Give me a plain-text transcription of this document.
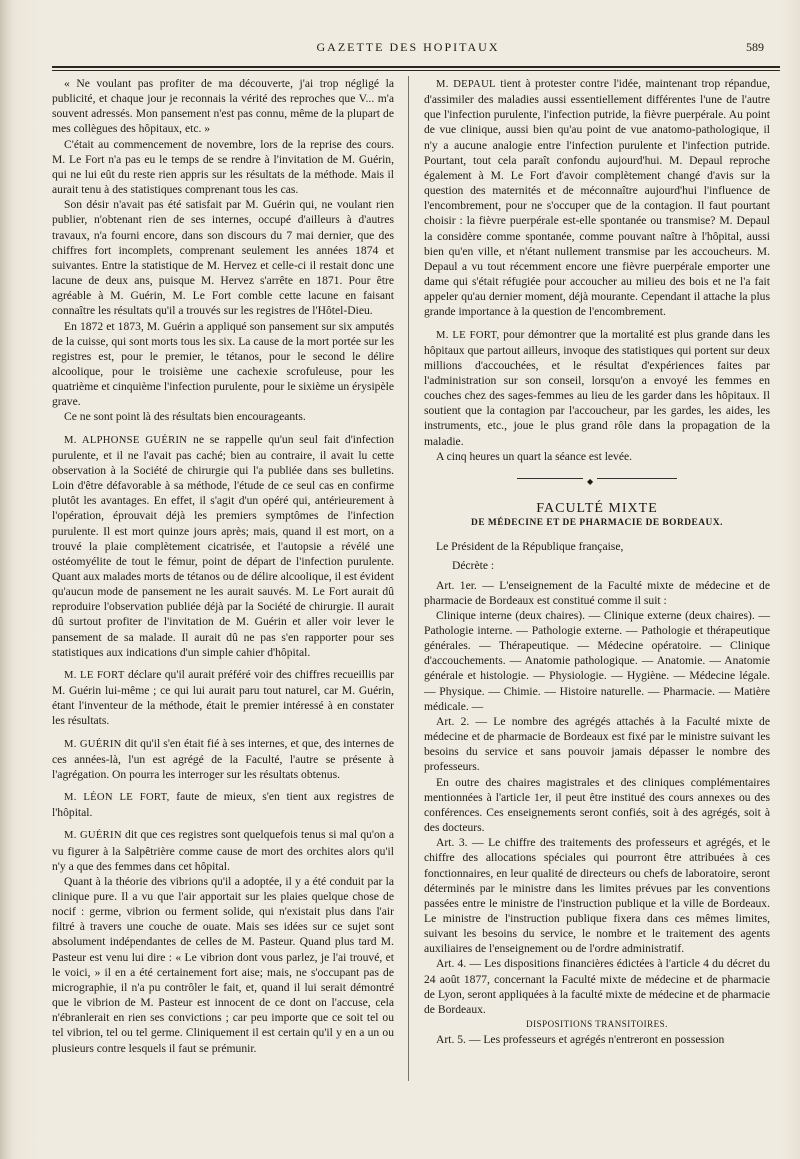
GAZETTE DES HOPITAUX	589

« Ne voulant pas profiter de ma découverte, j'ai trop négligé la publicité, et chaque jour je reconnais la vérité des reproches que V... m'a souvent adressés. Mon pansement n'est pas connu, même de la plupart de mes collègues des hôpitaux, etc. »

C'était au commencement de novembre, lors de la reprise des cours. M. Le Fort n'a pas eu le temps de se rendre à l'invitation de M. Guérin, qui ne lui eût du reste rien appris sur les résultats de la méthode. Mais il aurait tenu à des statistiques comprenant tous les cas.

Son désir n'avait pas été satisfait par M. Guérin qui, ne voulant rien publier, n'obtenant rien de ses internes, occupé d'ailleurs à d'autres travaux, n'a fourni encore, dans son discours du 7 mai dernier, que des chiffres fort incomplets, comprenant seulement les années 1874 et suivantes. Entre la statistique de M. Hervez et celle-ci il restait donc une lacune de deux ans, puisque M. Hervez s'arrête en 1871. Pour être agréable à M. Guérin, M. Le Fort comble cette lacune en faisant connaître les résultats qu'il a trouvés sur les registres de l'Hôtel-Dieu.

En 1872 et 1873, M. Guérin a appliqué son pansement sur six amputés de la cuisse, qui sont morts tous les six. La cause de la mort portée sur les registres est, pour le premier, le tétanos, pour le second le délire alcoolique, pour le troisième une cachexie scrofuleuse, pour les quatrième et cinquième l'infection purulente, pour le sixième un érysipèle grave.

Ce ne sont point là des résultats bien encourageants.

M. ALPHONSE GUÉRIN ne se rappelle qu'un seul fait d'infection purulente, et il ne l'avait pas caché; bien au contraire, il avait lu cette observation à la Société de chirurgie qui l'a publiée dans ses bulletins. Loin d'être défavorable à sa méthode, l'étude de ce seul cas en confirme plutôt les avantages. En effet, il s'agit d'un opéré qui, antérieurement à l'opération, éprouvait déjà les premiers symptômes de l'infection purulente. Il est mort quinze jours après; mais, quand il est mort, on a trouvé la plaie complètement cicatrisée, et l'autopsie a révélé une ostéomyélite de tout le fémur, point de départ de l'infection purulente. Quant aux malades morts de tétanos ou de délire alcoolique, il est évident qu'aucun mode de pansement ne les aurait sauvés. M. Le Fort aurait dû reproduire l'observation publiée déjà par la Société de chirurgie. Il aurait dû surtout profiter de l'invitation de M. Guérin et aller voir lever le pansement de sa malade. Il aurait dû ne pas s'en rapporter pour ses statistiques aux indications d'un simple cahier d'hôpital.

M. LE FORT déclare qu'il aurait préféré voir des chiffres recueillis par M. Guérin lui-même ; ce qui lui aurait paru tout naturel, car M. Guérin, étant l'inventeur de la méthode, était le premier intéressé à en constater les résultats.

M. GUÉRIN dit qu'il s'en était fié à ses internes, et que, des internes de ces années-là, l'un est agrégé de la Faculté, l'autre se présente à l'agrégation. On pourra les interroger sur les résultats obtenus.

M. LÉON LE FORT, faute de mieux, s'en tient aux registres de l'hôpital.

M. GUÉRIN dit que ces registres sont quelquefois tenus si mal qu'on a vu figurer à la Salpêtrière comme cause de mort des orchites alors qu'il n'y a que des femmes dans cet hôpital.

Quant à la théorie des vibrions qu'il a adoptée, il y a été conduit par la clinique pure. Il a vu que l'air apportait sur les plaies quelque chose de nocif : germe, vibrion ou ferment solide, qui n'existait plus dans l'air filtré à travers une couche de ouate. Mais ses idées sur ce sujet sont absolument indépendantes de celles de M. Pasteur. Quand plus tard M. Pasteur est venu lui dire : « Le vibrion dont vous parlez, je l'ai trouvé, et le voici, » il en a été certainement fort aise; mais, ne s'occupant pas de micrographie, il n'a pu contrôler le fait, et, quand il lui serait démontré que le vibrion de M. Pasteur est innocent de ce dont on l'accuse, cela n'ébranlerait en rien ses convictions ; car peu importe que ce soit tel ou tel vibrion, tel ou tel germe. Cliniquement il est certain qu'il y en a un ou plusieurs contre lesquels il faut se prémunir.

M. DEPAUL tient à protester contre l'idée, maintenant trop répandue, d'assimiler des maladies aussi essentiellement différentes l'une de l'autre que l'infection purulente, l'infection putride, la fièvre puerpérale. Au point de vue clinique, aussi bien qu'au point de vue anatomo-pathologique, il n'y a aucune analogie entre l'infection purulente et l'infection putride. Pourtant, tout cela paraît confondu aujourd'hui. M. Depaul reproche également à M. Le Fort d'avoir complètement changé d'avis sur la question des maternités et de méconnaître aujourd'hui l'influence de l'encombrement, pour ne s'occuper que de la contagion. Il faut pourtant choisir : la fièvre puerpérale est-elle spontanée ou transmise? M. Depaul la considère comme spontanée, comme pouvant naître à l'hôpital, aussi bien qu'en ville, et n'étant nullement transmise par les accoucheurs. M. Depaul a vu tout récemment encore une fièvre puerpérale emporter une dame qui s'était réfugiée pour accoucher au milieu des bois et ne l'a fait appeler qu'au dernier moment, déjà mourante. Cependant il attache la plus grande importance à la question de l'encombrement.

M. LE FORT, pour démontrer que la mortalité est plus grande dans les hôpitaux que partout ailleurs, invoque des statistiques qui portent sur deux millions d'accouchées, et le résultat d'expériences faites par l'administration sur son conseil, lorsqu'on a envoyé les femmes en couches chez des sages-femmes au lieu de les garder dans les hôpitaux. Il soutient que la contagion par l'accoucheur, par les gardes, les aides, les instruments, etc., joue le plus grand rôle dans la propagation de la maladie.

A cinq heures un quart la séance est levée.

◆

FACULTÉ MIXTE

DE MÉDECINE ET DE PHARMACIE DE BORDEAUX.

Le Président de la République française,

Décrète :

Art. 1er. — L'enseignement de la Faculté mixte de médecine et de pharmacie de Bordeaux est constitué comme il suit :

Clinique interne (deux chaires). — Clinique externe (deux chaires). — Pathologie interne. — Pathologie externe. — Pathologie et thérapeutique générales. — Thérapeutique. — Médecine opératoire. — Clinique d'accouchements. — Anatomie pathologique. — Anatomie. — Anatomie générale et histologie. — Physiologie. — Hygiène. — Médecine légale. — Physique. — Chimie. — Histoire naturelle. — Pharmacie. — Matière médicale. —

Art. 2. — Le nombre des agrégés attachés à la Faculté mixte de médecine et de pharmacie de Bordeaux est fixé par le ministre suivant les besoins du service et sans pouvoir jamais dépasser le nombre des professeurs.

En outre des chaires magistrales et des cliniques complémentaires mentionnées à l'article 1er, il peut être institué des cours annexes ou des conférences. Ces enseignements seront confiés, soit à des agrégés, soit à des docteurs.

Art. 3. — Le chiffre des traitements des professeurs et agrégés, et le chiffre des allocations spéciales qui pourront être attribuées à ces fonctionnaires, en leur qualité de directeurs ou chefs de laboratoire, seront déterminés par le ministre dans les limites prévues par les conventions passées entre le ministre de l'instruction publique et la ville de Bordeaux. Le ministre de l'instruction publique fixera dans ces mêmes limites, suivant les besoins du service, le nombre et le traitement des agents auxiliaires de l'enseignement ou de l'ordre administratif.

Art. 4. — Les dispositions financières édictées à l'article 4 du décret du 24 août 1877, concernant la Faculté mixte de médecine et de pharmacie de Lyon, seront appliquées à la faculté mixte de médecine et de pharmacie de Bordeaux.

DISPOSITIONS TRANSITOIRES.

Art. 5. — Les professeurs et agrégés n'entreront en possession
